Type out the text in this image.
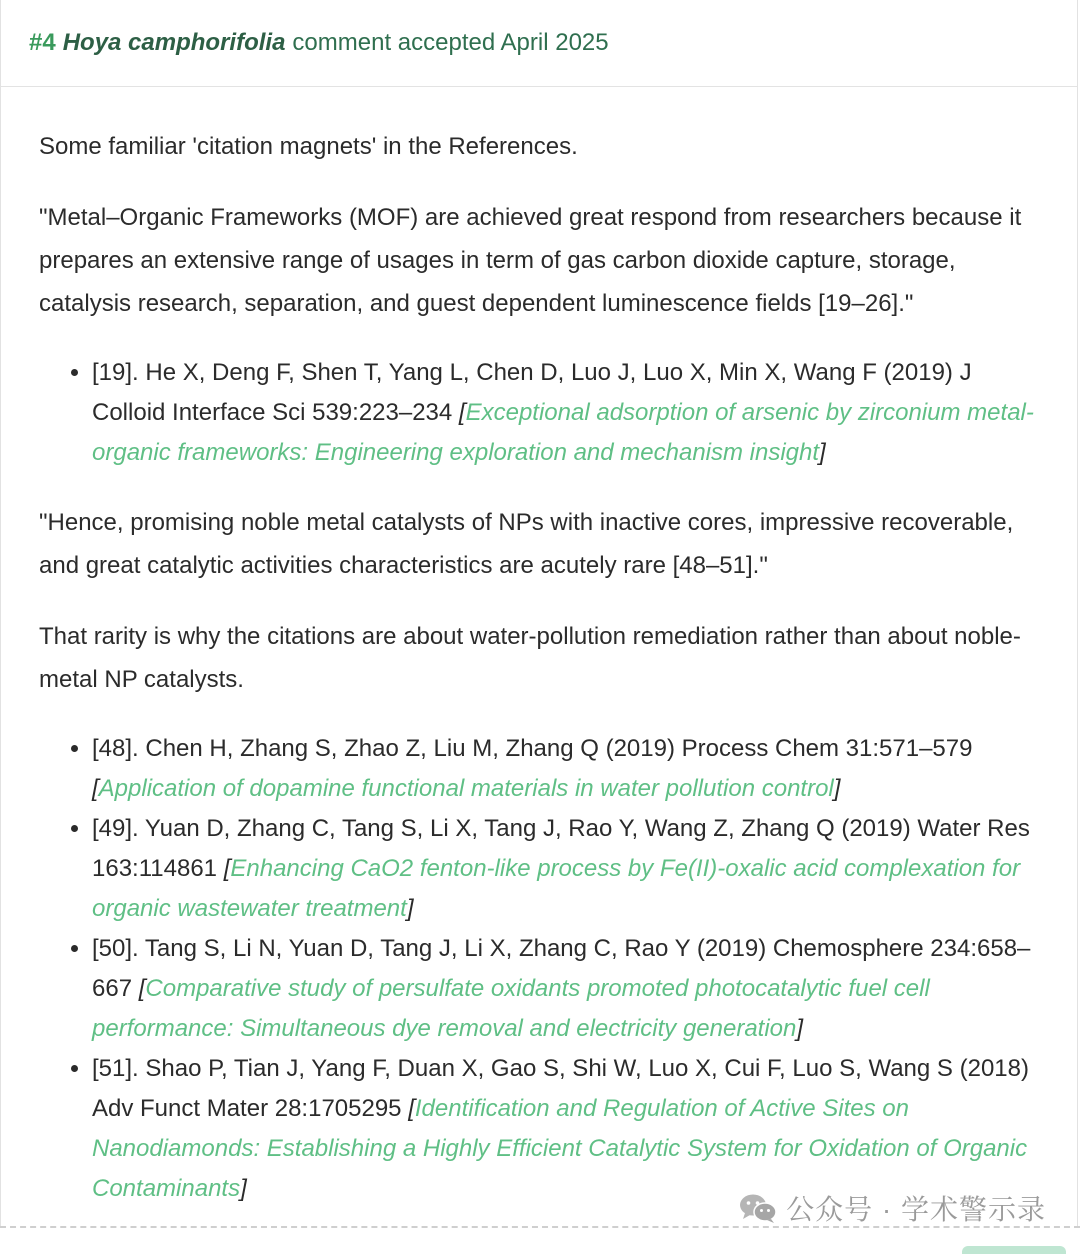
#4 Hoya camphorifolia comment accepted April 2025

Some familiar 'citation magnets' in the References.

"Metal–Organic Frameworks (MOF) are achieved great respond from researchers because it prepares an extensive range of usages in term of gas carbon dioxide capture, storage, catalysis research, separation, and guest dependent luminescence fields [19–26]."

• [19]. He X, Deng F, Shen T, Yang L, Chen D, Luo J, Luo X, Min X, Wang F (2019) J Colloid Interface Sci 539:223–234 [Exceptional adsorption of arsenic by zirconium metal-organic frameworks: Engineering exploration and mechanism insight]

"Hence, promising noble metal catalysts of NPs with inactive cores, impressive recoverable, and great catalytic activities characteristics are acutely rare [48–51]."

That rarity is why the citations are about water-pollution remediation rather than about noble-metal NP catalysts.

• [48]. Chen H, Zhang S, Zhao Z, Liu M, Zhang Q (2019) Process Chem 31:571–579 [Application of dopamine functional materials in water pollution control]
• [49]. Yuan D, Zhang C, Tang S, Li X, Tang J, Rao Y, Wang Z, Zhang Q (2019) Water Res 163:114861 [Enhancing CaO2 fenton-like process by Fe(II)-oxalic acid complexation for organic wastewater treatment]
• [50]. Tang S, Li N, Yuan D, Tang J, Li X, Zhang C, Rao Y (2019) Chemosphere 234:658–667 [Comparative study of persulfate oxidants promoted photocatalytic fuel cell performance: Simultaneous dye removal and electricity generation]
• [51]. Shao P, Tian J, Yang F, Duan X, Gao S, Shi W, Luo X, Cui F, Luo S, Wang S (2018) Adv Funct Mater 28:1705295 [Identification and Regulation of Active Sites on Nanodiamonds: Establishing a Highly Efficient Catalytic System for Oxidation of Organic Contaminants]
公众号 · 学术警示录
